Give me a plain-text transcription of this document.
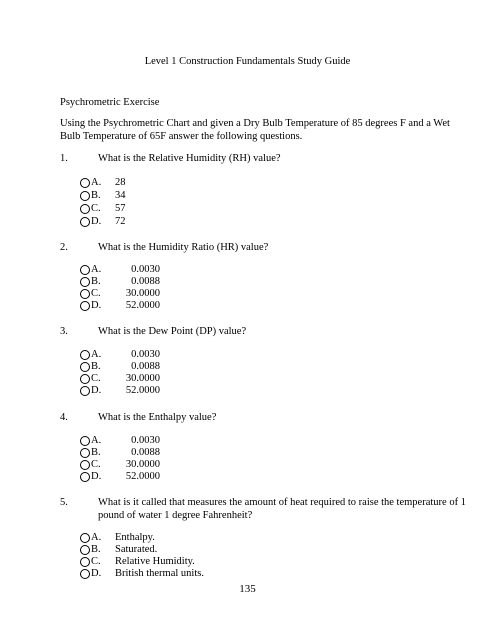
Level 1 Construction Fundamentals Study Guide
Psychrometric Exercise
Using the Psychrometric Chart and given a Dry Bulb Temperature of 85 degrees F and a Wet
Bulb Temperature of 65F answer the following questions.
1.	What is the Relative Humidity (RH) value?
A. 28
B. 34
C. 57
D. 72
2.	What is the Humidity Ratio (HR) value?
A.	0.0030
B.	0.0088
C.	30.0000
D.	52.0000
3.	What is the Dew Point (DP) value?
A.	0.0030
B.	0.0088
C.	30.0000
D.	52.0000
4.	What is the Enthalpy value?
A.	0.0030
B.	0.0088
C.	30.0000
D.	52.0000
5.	What is it called that measures the amount of heat required to raise the temperature of 1
pound of water 1 degree Fahrenheit?
A. Enthalpy.
B. Saturated.
C. Relative Humidity.
D. British thermal units.
135
